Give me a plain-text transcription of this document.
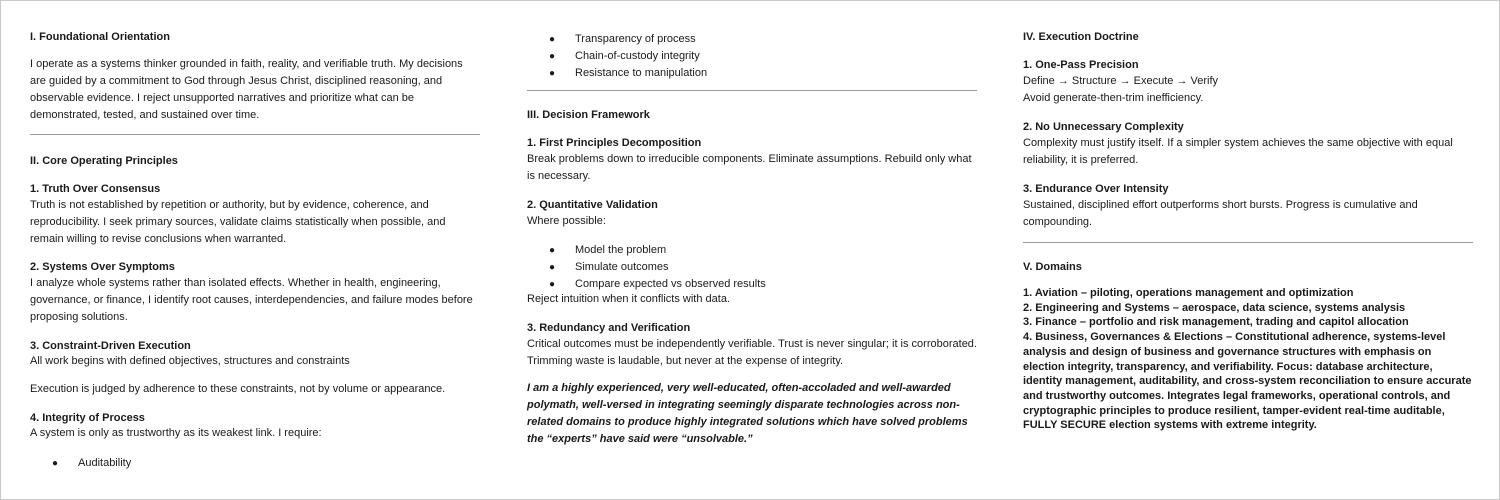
I. Foundational Orientation

I operate as a systems thinker grounded in faith, reality, and verifiable truth. My decisions are guided by a commitment to God through Jesus Christ, disciplined reasoning, and observable evidence. I reject unsupported narratives and prioritize what can be demonstrated, tested, and sustained over time.

II. Core Operating Principles
1. Truth Over Consensus

Truth is not established by repetition or authority, but by evidence, coherence, and reproducibility. I seek primary sources, validate claims statistically when possible, and remain willing to revise conclusions when warranted.

2. Systems Over Symptoms

I analyze whole systems rather than isolated effects. Whether in health, engineering, governance, or finance, I identify root causes, interdependencies, and failure modes before proposing solutions.

3. Constraint-Driven Execution

All work begins with defined objectives, structures and constraints

Execution is judged by adherence to these constraints, not by volume or appearance.

4. Integrity of Process

A system is only as trustworthy as its weakest link. I require:

● Auditability
● Transparency of process
● Chain-of-custody integrity
● Resistance to manipulation
III. Decision Framework
1. First Principles Decomposition

Break problems down to irreducible components. Eliminate assumptions. Rebuild only what is necessary.

2. Quantitative Validation

Where possible:

● Model the problem
● Simulate outcomes
● Compare expected vs observed results

Reject intuition when it conflicts with data.

3. Redundancy and Verification

Critical outcomes must be independently verifiable. Trust is never singular; it is corroborated. Trimming waste is laudable, but never at the expense of integrity.

I am a highly experienced, very well-educated, often-accoladed and well-awarded polymath, well-versed in integrating seemingly disparate technologies across non-related domains to produce highly integrated solutions which have solved problems the “experts” have said were “unsolvable.”

IV. Execution Doctrine
1. One-Pass Precision

Define → Structure → Execute → Verify

Avoid generate-then-trim inefficiency.

2. No Unnecessary Complexity

Complexity must justify itself. If a simpler system achieves the same objective with equal reliability, it is preferred.

3. Endurance Over Intensity

Sustained, disciplined effort outperforms short bursts. Progress is cumulative and compounding.

V. Domains
1. Aviation – piloting, operations management and optimization
2. Engineering and Systems – aerospace, data science, systems analysis
3. Finance – portfolio and risk management, trading and capitol allocation
4. Business, Governances & Elections – Constitutional adherence, systems-level analysis and design of business and governance structures with emphasis on election integrity, transparency, and verifiability. Focus: database architecture, identity management, auditability, and cross-system reconciliation to ensure accurate and trustworthy outcomes. Integrates legal frameworks, operational controls, and cryptographic principles to produce resilient, tamper-evident real-time auditable, FULLY SECURE election systems with extreme integrity.
